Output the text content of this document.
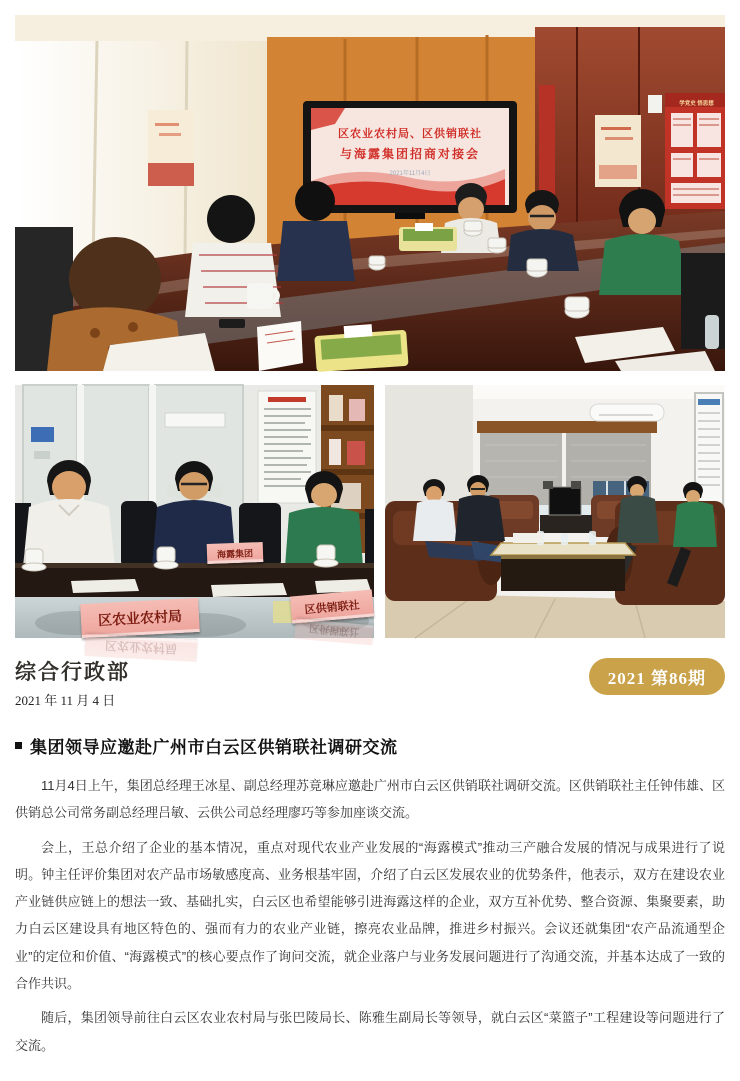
区农业农村局、区供销联社
与海露集团招商对接会
2021年11月4日
学党史 悟思想
海露集团
区农业农村局
区供销联社
区农业农村局
区供销联社
综合行政部
2021 年 11 月 4 日
2021 第86期
集团领导应邀赴广州市白云区供销联社调研交流

11月4日上午，集团总经理王冰星、副总经理苏竟琳应邀赴广州市白云区供销联社调研交流。区供销联社主任钟伟雄、区供销总公司常务副总经理吕敏、云供公司总经理廖巧等参加座谈交流。

会上，王总介绍了企业的基本情况，重点对现代农业产业发展的“海露模式”推动三产融合发展的情况与成果进行了说明。钟主任评价集团对农产品市场敏感度高、业务根基牢固，介绍了白云区发展农业的优势条件，他表示，双方在建设农业产业链供应链上的想法一致、基础扎实，白云区也希望能够引进海露这样的企业，双方互补优势、整合资源、集聚要素，助力白云区建设具有地区特色的、强而有力的农业产业链，擦亮农业品牌，推进乡村振兴。会议还就集团“农产品流通型企业”的定位和价值、“海露模式”的核心要点作了询问交流，就企业落户与业务发展问题进行了沟通交流，并基本达成了一致的合作共识。

随后，集团领导前往白云区农业农村局与张巴陵局长、陈雅生副局长等领导，就白云区“菜篮子”工程建设等问题进行了交流。
